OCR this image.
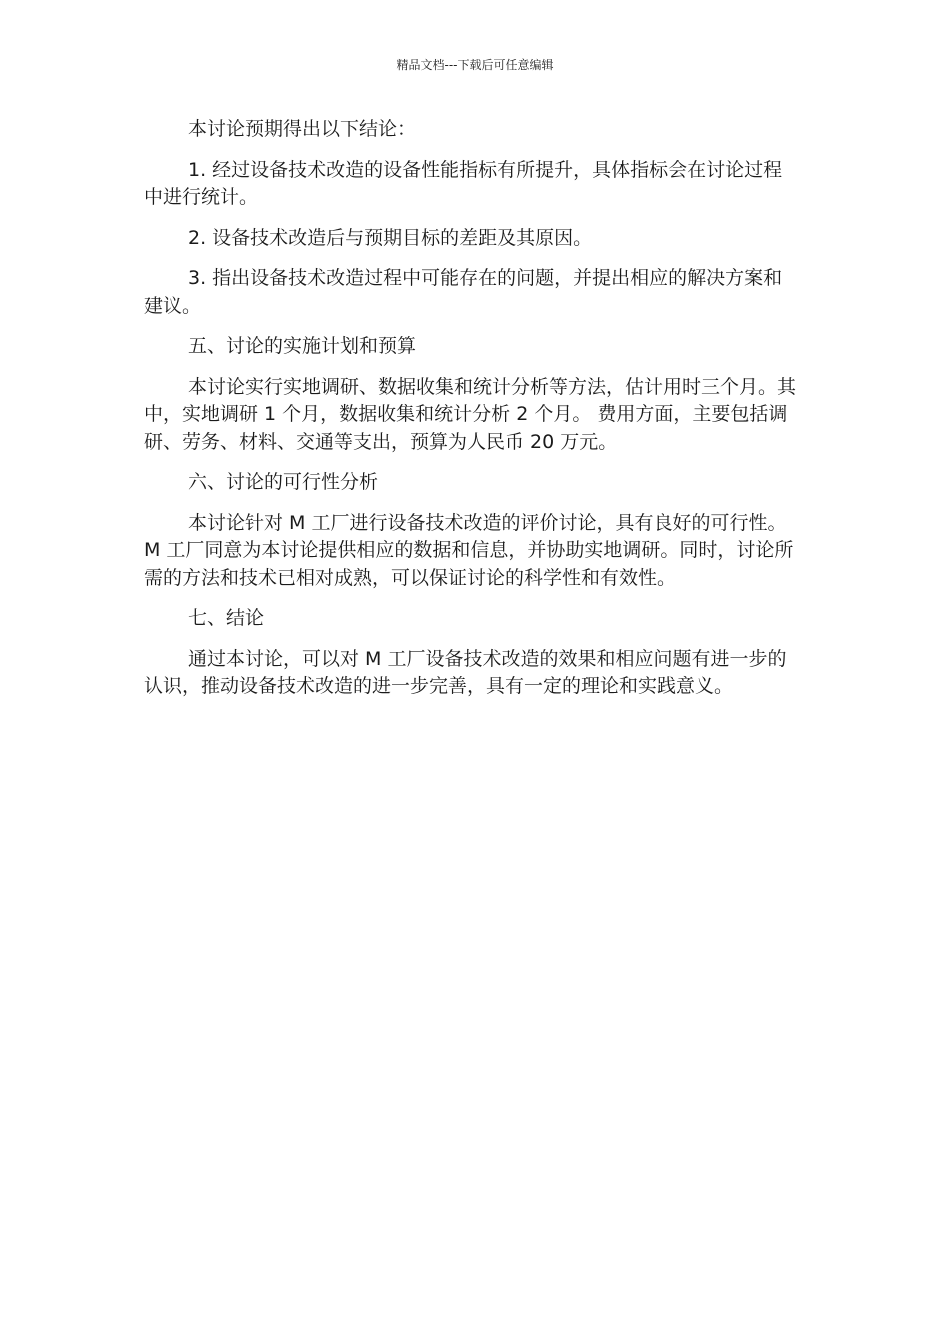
精品文档---下载后可任意编辑

本讨论预期得出以下结论：

1. 经过设备技术改造的设备性能指标有所提升，具体指标会在讨论过程中进行统计。

2. 设备技术改造后与预期目标的差距及其原因。

3. 指出设备技术改造过程中可能存在的问题，并提出相应的解决方案和建议。

五、讨论的实施计划和预算

本讨论实行实地调研、数据收集和统计分析等方法，估计用时三个月。其中，实地调研 1 个月，数据收集和统计分析 2 个月。 费用方面，主要包括调研、劳务、材料、交通等支出，预算为人民币 20 万元。

六、讨论的可行性分析

本讨论针对 M 工厂进行设备技术改造的评价讨论，具有良好的可行性。M 工厂同意为本讨论提供相应的数据和信息，并协助实地调研。同时，讨论所需的方法和技术已相对成熟，可以保证讨论的科学性和有效性。

七、结论

通过本讨论，可以对 M 工厂设备技术改造的效果和相应问题有进一步的认识，推动设备技术改造的进一步完善，具有一定的理论和实践意义。
